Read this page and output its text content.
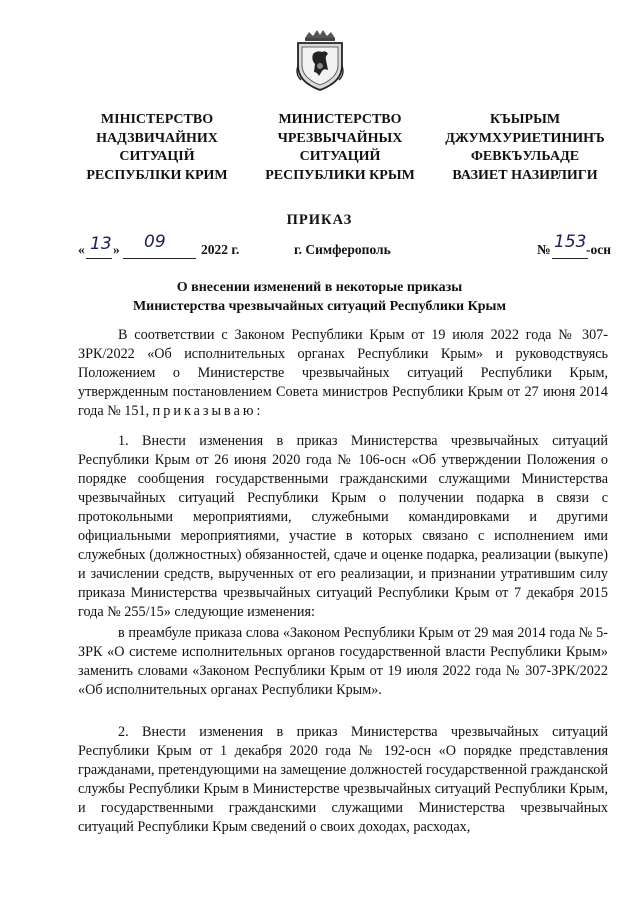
МІНІСТЕРСТВО
НАДЗВИЧАЙНИХ
СИТУАЦІЙ
РЕСПУБЛІКИ КРИМ
МИНИСТЕРСТВО
ЧРЕЗВЫЧАЙНЫХ
СИТУАЦИЙ
РЕСПУБЛИКИ КРЫМ
КЪЫРЫМ
ДЖУМХУРИЕТИНИНЪ
ФЕВКЪУЛЬАДЕ
ВАЗИЕТ НАЗИРЛИГИ
ПРИКАЗ
« 13 » 09	2022 г.	г. Симферополь	№ 153 -осн
О внесении изменений в некоторые приказы
Министерства чрезвычайных ситуаций Республики Крым

В соответствии с Законом Республики Крым от 19 июля 2022 года № 307-ЗРК/2022 «Об исполнительных органах Республики Крым» и руководствуясь Положением о Министерстве чрезвычайных ситуаций Республики Крым, утвержденным постановлением Совета министров Республики Крым от 27 июня 2014 года № 151, приказываю:

1. Внести изменения в приказ Министерства чрезвычайных ситуаций Республики Крым от 26 июня 2020 года № 106-осн «Об утверждении Положения о порядке сообщения государственными гражданскими служащими Министерства чрезвычайных ситуаций Республики Крым о получении подарка в связи с протокольными мероприятиями, служебными командировками и другими официальными мероприятиями, участие в которых связано с исполнением ими служебных (должностных) обязанностей, сдаче и оценке подарка, реализации (выкупе) и зачислении средств, вырученных от его реализации, и признании утратившим силу приказа Министерства чрезвычайных ситуаций Республики Крым от 7 декабря 2015 года № 255/15» следующие изменения:

в преамбуле приказа слова «Законом Республики Крым от 29 мая 2014 года № 5-ЗРК «О системе исполнительных органов государственной власти Республики Крым» заменить словами «Законом Республики Крым от 19 июля 2022 года № 307-ЗРК/2022 «Об исполнительных органах Республики Крым».

2. Внести изменения в приказ Министерства чрезвычайных ситуаций Республики Крым от 1 декабря 2020 года № 192-осн «О порядке представления гражданами, претендующими на замещение должностей государственной гражданской службы Республики Крым в Министерстве чрезвычайных ситуаций Республики Крым, и государственными гражданскими служащими Министерства чрезвычайных ситуаций Республики Крым сведений о своих доходах, расходах,
